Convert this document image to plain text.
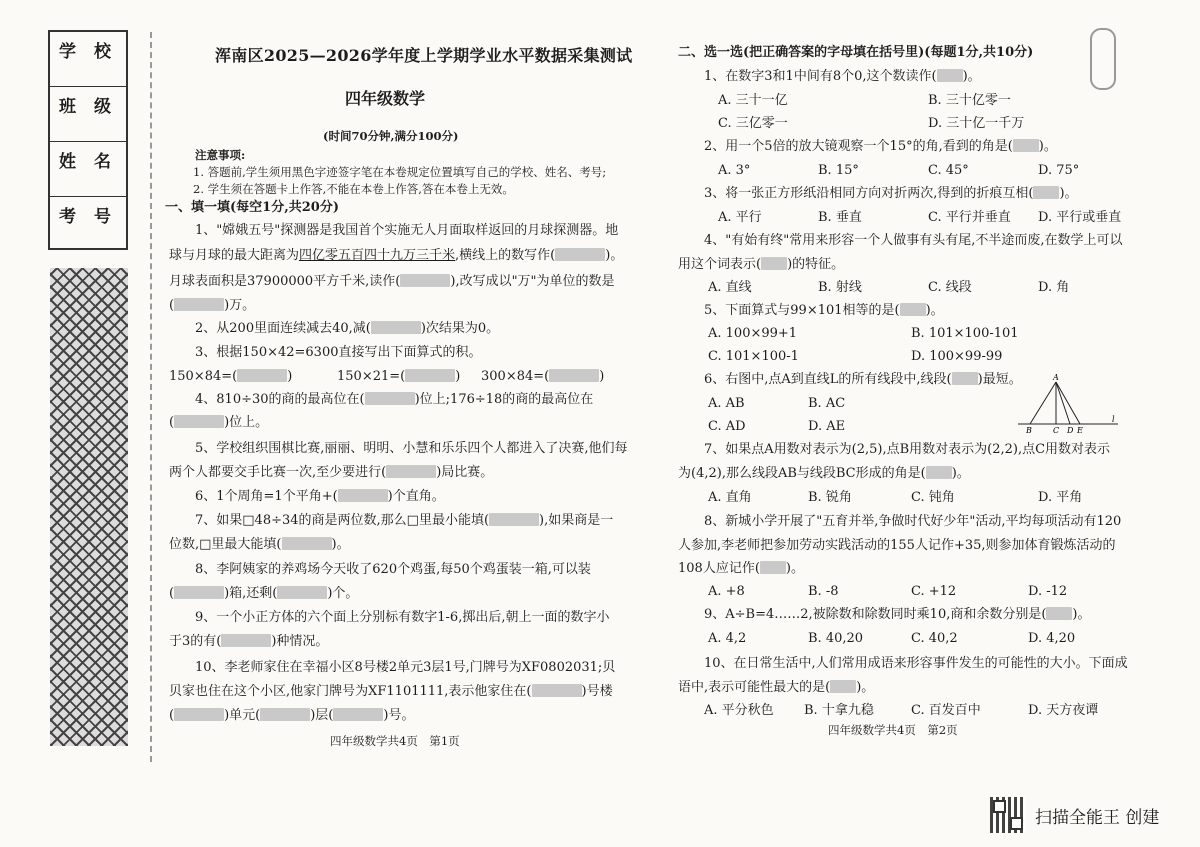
学 校
班 级
姓 名
考 号
浑南区2025—2026学年度上学期学业水平数据采集测试
四年级数学
(时间70分钟,满分100分)
注意事项:
1. 答题前,学生须用黑色字迹签字笔在本卷规定位置填写自己的学校、姓名、考号;
2. 学生须在答题卡上作答,不能在本卷上作答,答在本卷上无效。
一、填一填(每空1分,共20分)
1、"嫦娥五号"探测器是我国首个实施无人月面取样返回的月球探测器。地
球与月球的最大距离为四亿零五百四十九万三千米,横线上的数写作(	)。
月球表面积是37900000平方千米,读作(	),改写成以"万"为单位的数是
(	)万。
2、从200里面连续减去40,减(	)次结果为0。
3、根据150×42=6300直接写出下面算式的积。
150×84=(	)	150×21=(	) 300×84=(	)
4、810÷30的商的最高位在(	)位上;176÷18的商的最高位在
(	)位上。
5、学校组织围棋比赛,丽丽、明明、小慧和乐乐四个人都进入了决赛,他们每
两个人都要交手比赛一次,至少要进行(	)局比赛。
6、1个周角=1个平角+(	)个直角。
7、如果□48÷34的商是两位数,那么□里最小能填(	),如果商是一
位数,□里最大能填(	)。
8、李阿姨家的养鸡场今天收了620个鸡蛋,每50个鸡蛋装一箱,可以装
(	)箱,还剩(	)个。
9、一个小正方体的六个面上分别标有数字1-6,掷出后,朝上一面的数字小
于3的有(	)种情况。
10、李老师家住在幸福小区8号楼2单元3层1号,门牌号为XF0802031;贝
贝家也住在这个小区,他家门牌号为XF1101111,表示他家住在(	)号楼
(	)单元(	)层(	)号。
四年级数学共4页　第1页
二、选一选(把正确答案的字母填在括号里)(每题1分,共10分)
1、在数字3和1中间有8个0,这个数读作( )。
A. 三十一亿	B. 三十亿零一
C. 三亿零一	D. 三十亿一千万
2、用一个5倍的放大镜观察一个15°的角,看到的角是( )。
A. 3°	B. 15°	C. 45°	D. 75°
3、将一张正方形纸沿相同方向对折两次,得到的折痕互相( )。
A. 平行	B. 垂直	C. 平行并垂直 D. 平行或垂直
4、"有始有终"常用来形容一个人做事有头有尾,不半途而废,在数学上可以
用这个词表示( )的特征。
A. 直线	B. 射线	C. 线段	D. 角
5、下面算式与99×101相等的是( )。
A. 100×99+1	B. 101×100-101
C. 101×100-1	D. 100×99-99
6、右图中,点A到直线L的所有线段中,线段( )最短。
A. AB	B. AC
C. AD	D. AE
A
B	C D E
l
7、如果点A用数对表示为(2,5),点B用数对表示为(2,2),点C用数对表示
为(4,2),那么线段AB与线段BC形成的角是( )。
A. 直角	B. 锐角	C. 钝角	D. 平角
8、新城小学开展了"五育并举,争做时代好少年"活动,平均每项活动有120
人参加,李老师把参加劳动实践活动的155人记作+35,则参加体育锻炼活动的
108人应记作( )。
A. +8	B. -8	C. +12	D. -12
9、A÷B=4……2,被除数和除数同时乘10,商和余数分别是( )。
A. 4,2	B. 40,20	C. 40,2	D. 4,20
10、在日常生活中,人们常用成语来形容事件发生的可能性的大小。下面成
语中,表示可能性最大的是( )。
A. 平分秋色 B. 十拿九稳	C. 百发百中	D. 天方夜谭
四年级数学共4页　第2页
扫描全能王 创建
